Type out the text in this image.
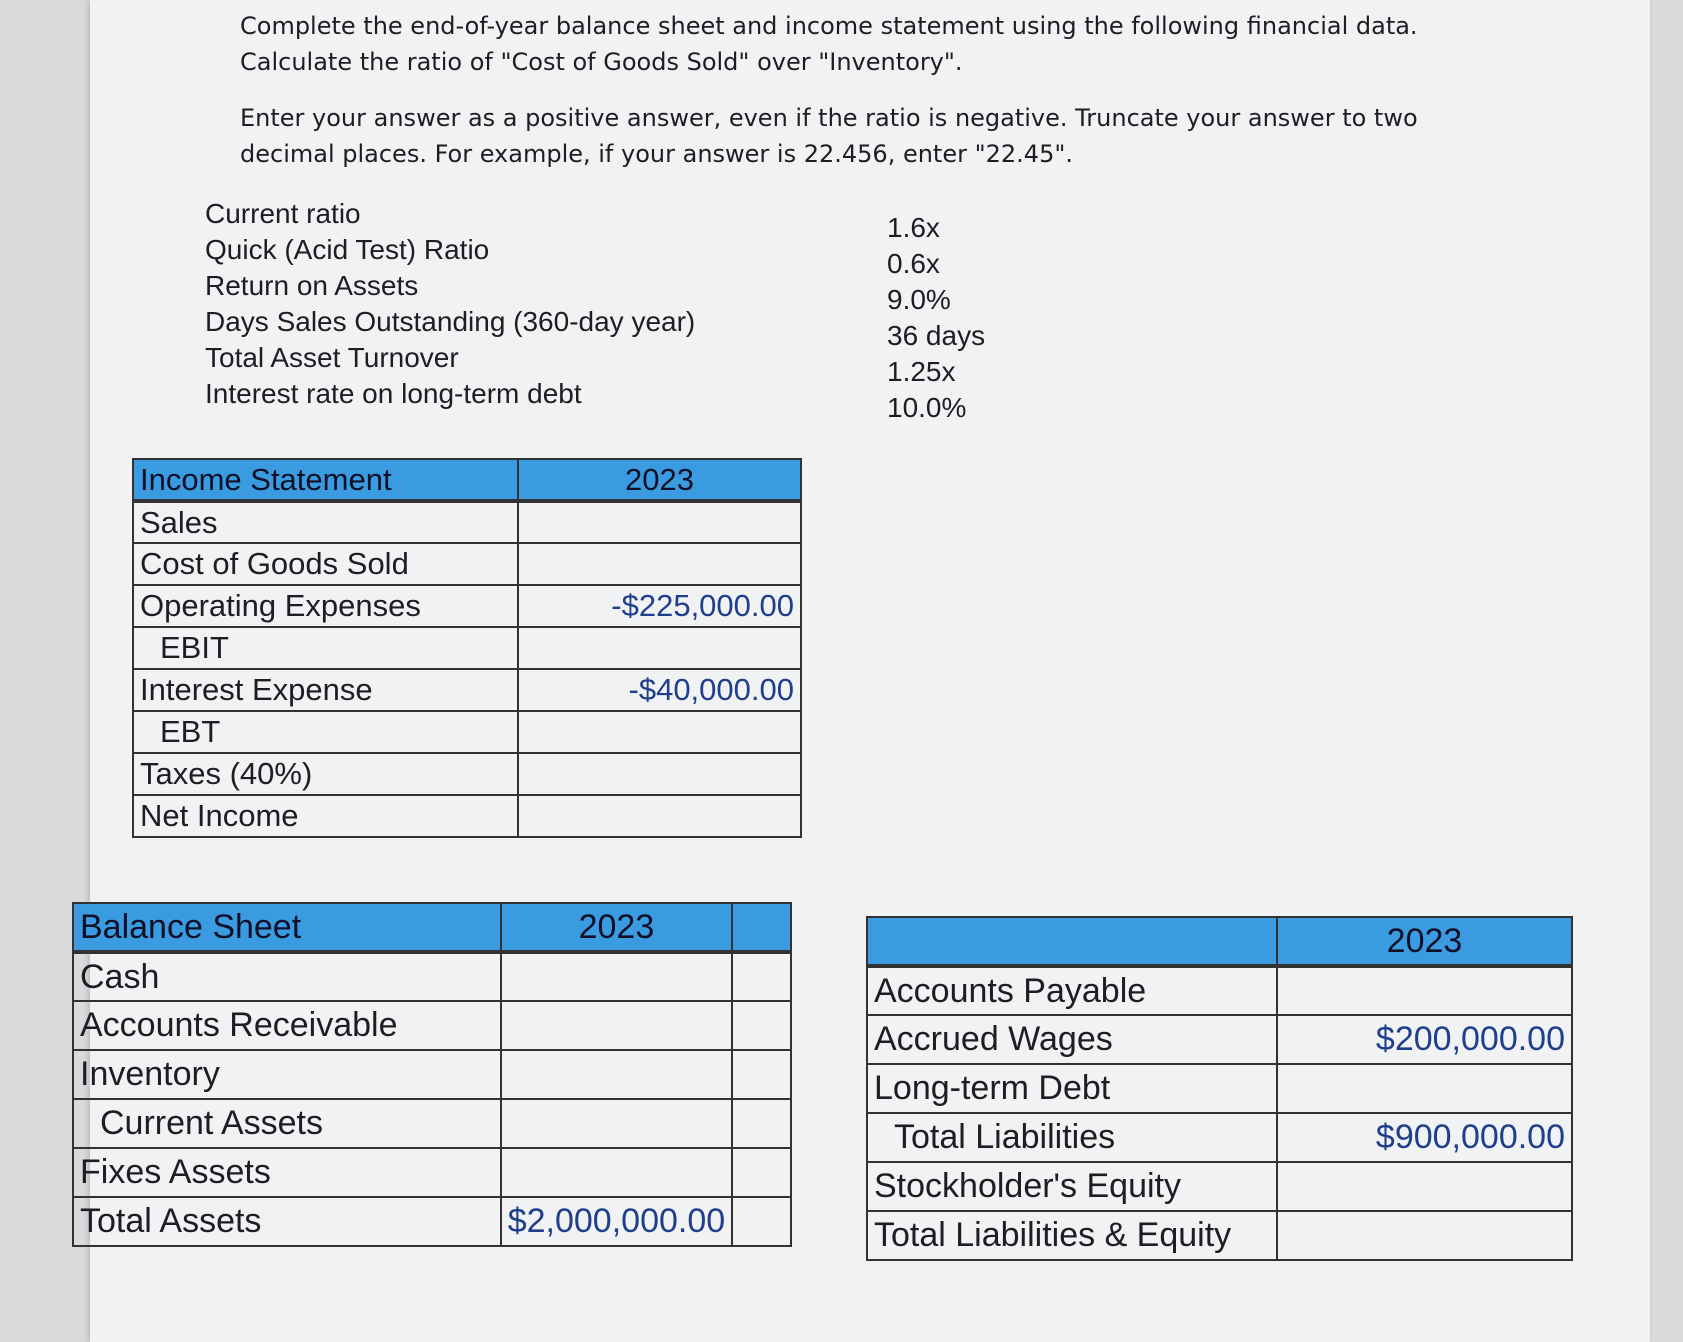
Complete the end-of-year balance sheet and income statement using the following financial data. Calculate the ratio of "Cost of Goods Sold" over "Inventory".

Enter your answer as a positive answer, even if the ratio is negative. Truncate your answer to two decimal places. For example, if your answer is 22.456, enter "22.45".

Current ratio	1.6x
Quick (Acid Test) Ratio	0.6x
Return on Assets	9.0%
Days Sales Outstanding (360-day year)	36 days
Total Asset Turnover	1.25x
Interest rate on long-term debt	10.0%
Income Statement	2023
Sales	
Cost of Goods Sold	
Operating Expenses	-$225,000.00
EBIT	
Interest Expense	-$40,000.00
EBT	
Taxes (40%)	
Net Income	
Balance Sheet	2023	
Cash		
Accounts Receivable		
Inventory		
Current Assets		
Fixes Assets		
Total Assets	$2,000,000.00	
	2023
Accounts Payable	
Accrued Wages	$200,000.00
Long-term Debt	
Total Liabilities	$900,000.00
Stockholder's Equity	
Total Liabilities & Equity	
